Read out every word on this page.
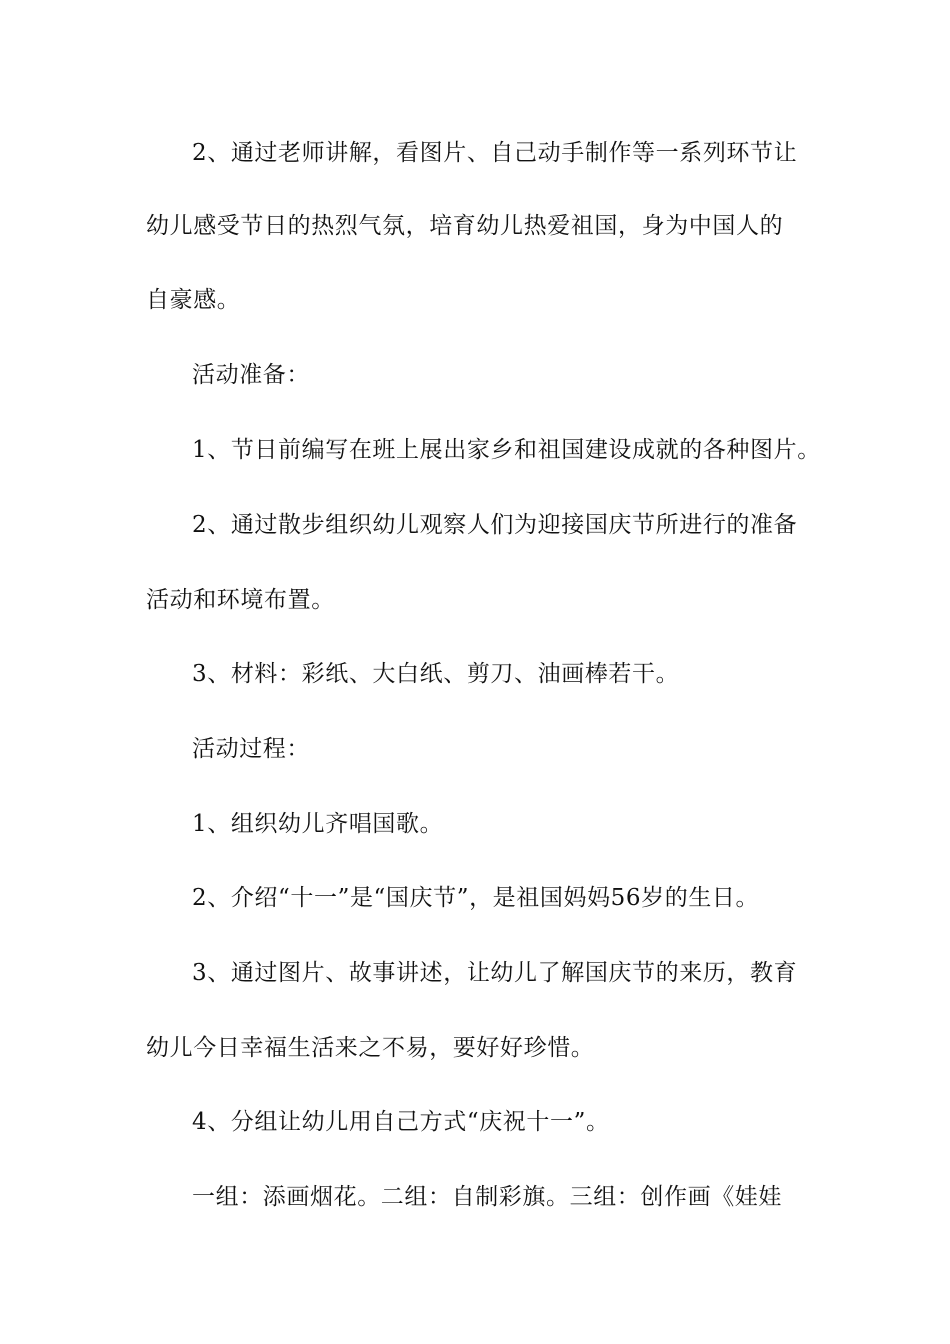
2、通过老师讲解，看图片、自己动手制作等一系列环节让
幼儿感受节日的热烈气氛，培育幼儿热爱祖国，身为中国人的
自豪感。
活动准备：
1、节日前编写在班上展出家乡和祖国建设成就的各种图片。
2、通过散步组织幼儿观察人们为迎接国庆节所进行的准备
活动和环境布置。
3、材料：彩纸、大白纸、剪刀、油画棒若干。
活动过程：
1、组织幼儿齐唱国歌。
2、介绍“十一”是“国庆节”，是祖国妈妈56岁的生日。
3、通过图片、故事讲述，让幼儿了解国庆节的来历，教育
幼儿今日幸福生活来之不易，要好好珍惜。
4、分组让幼儿用自己方式“庆祝十一”。
一组：添画烟花。二组：自制彩旗。三组：创作画《娃娃
